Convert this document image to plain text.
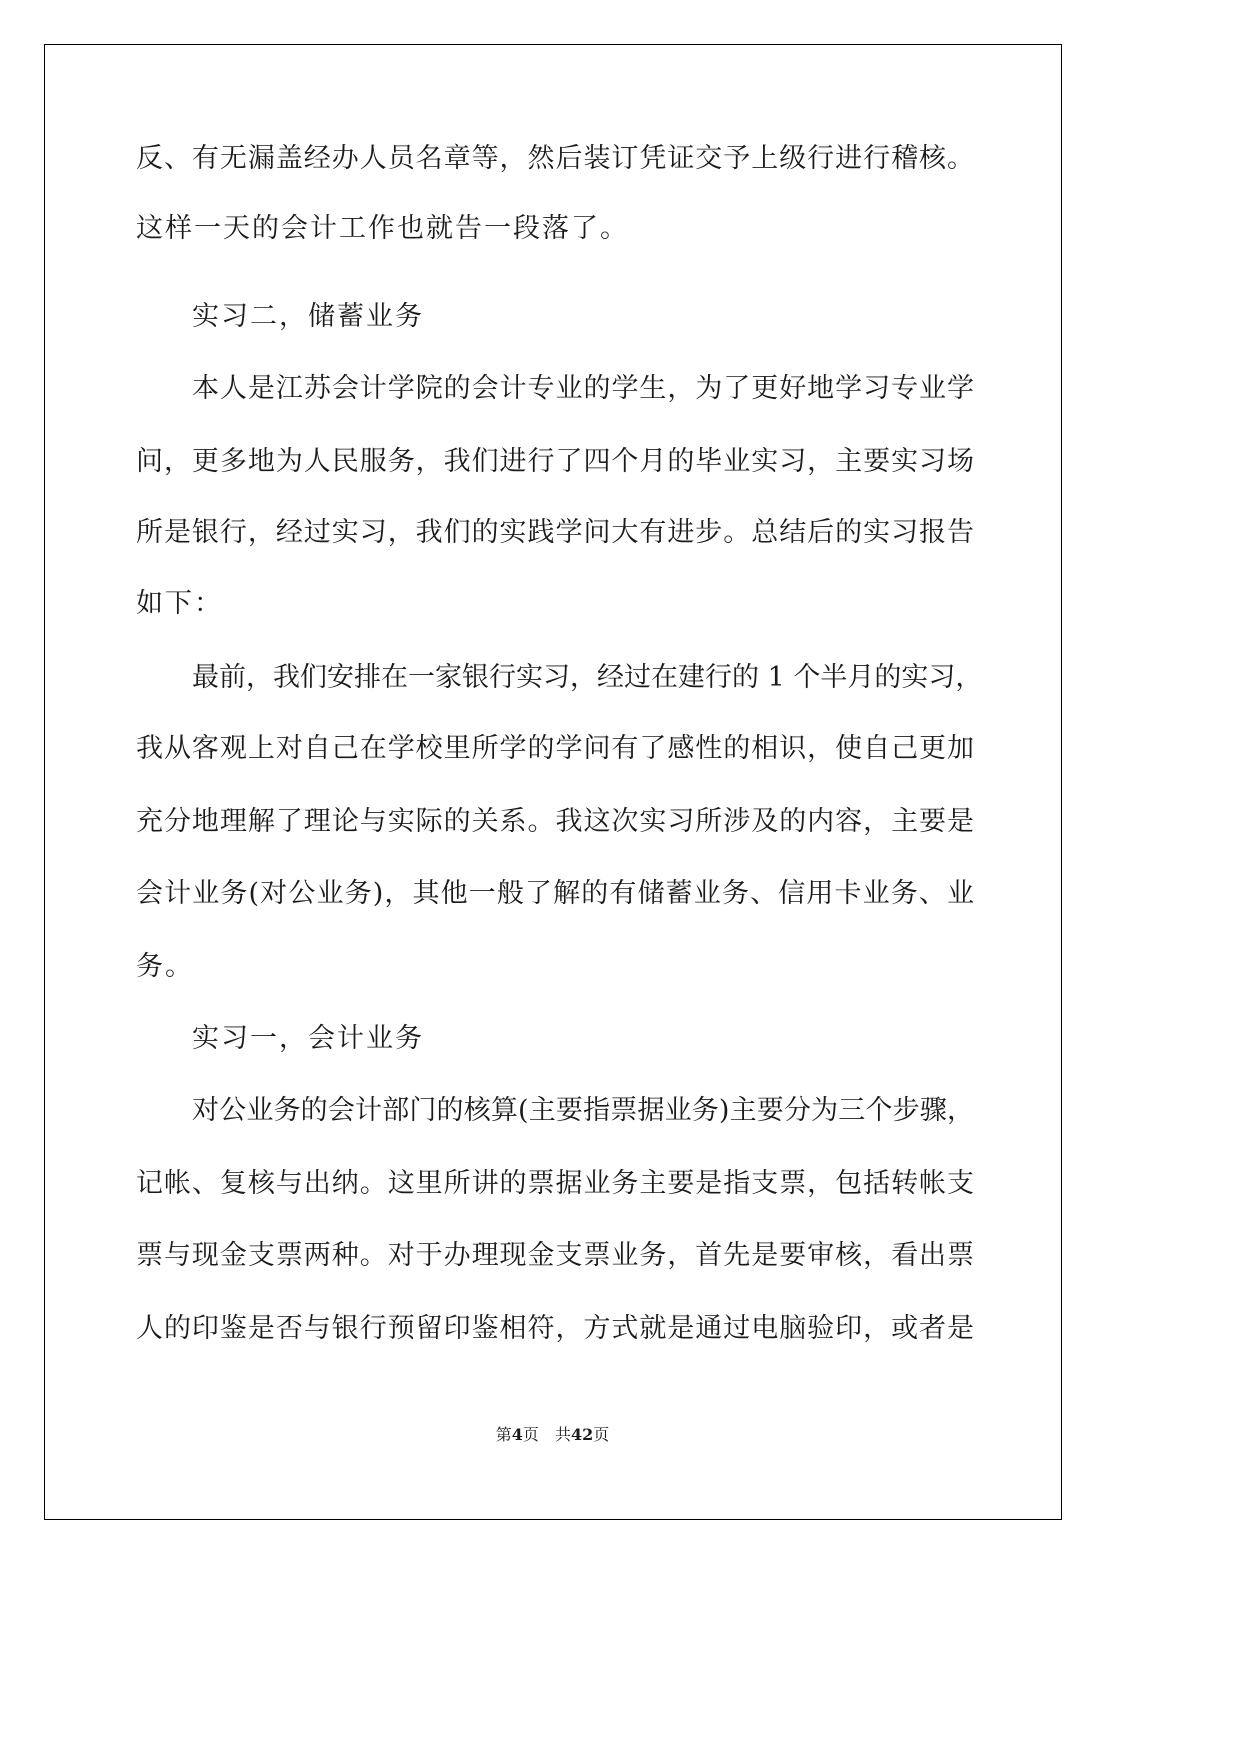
反、有无漏盖经办人员名章等，然后装订凭证交予上级行进行稽核。
这样一天的会计工作也就告一段落了。
实习二，储蓄业务
本人是江苏会计学院的会计专业的学生，为了更好地学习专业学
问，更多地为人民服务，我们进行了四个月的毕业实习，主要实习场
所是银行，经过实习，我们的实践学问大有进步。总结后的实习报告
如下：
最前，我们安排在一家银行实习，经过在建行的 1 个半月的实习，
我从客观上对自己在学校里所学的学问有了感性的相识，使自己更加
充分地理解了理论与实际的关系。我这次实习所涉及的内容，主要是
会计业务(对公业务)，其他一般了解的有储蓄业务、信用卡业务、业
务。
实习一，会计业务
对公业务的会计部门的核算(主要指票据业务)主要分为三个步骤，
记帐、复核与出纳。这里所讲的票据业务主要是指支票，包括转帐支
票与现金支票两种。对于办理现金支票业务，首先是要审核，看出票
人的印鉴是否与银行预留印鉴相符，方式就是通过电脑验印，或者是
第4页 共42页
